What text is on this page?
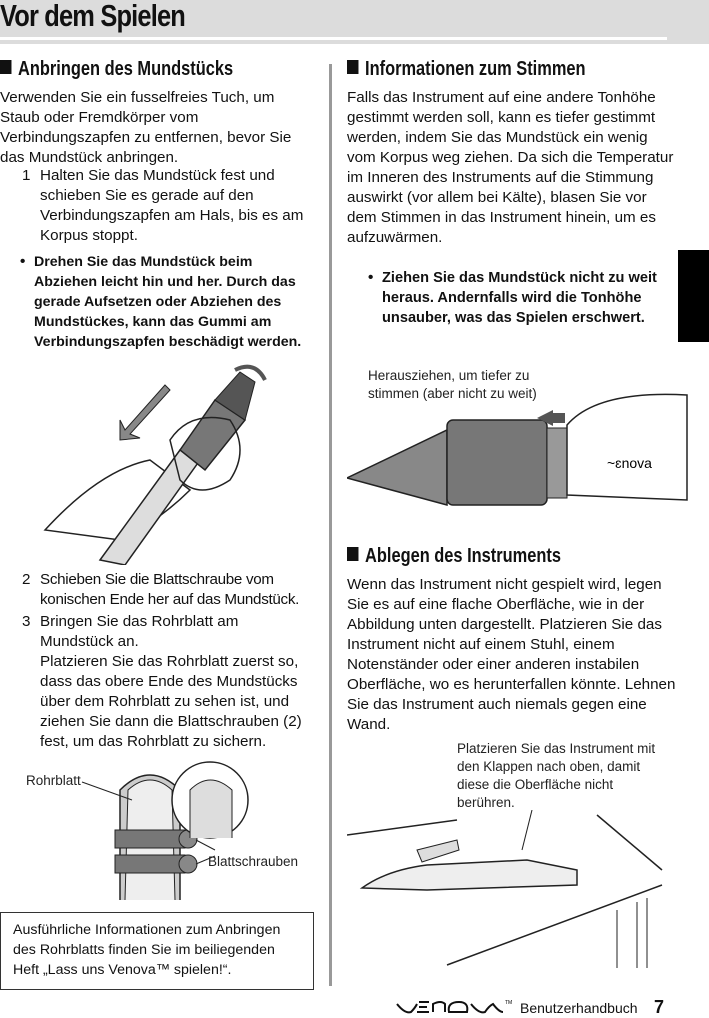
Vor dem Spielen
Anbringen des Mundstücks
Verwenden Sie ein fusselfreies Tuch, um Staub oder Fremdkörper vom Verbindungszapfen zu entfernen, bevor Sie das Mundstück anbringen.
1 Halten Sie das Mundstück fest und schieben Sie es gerade auf den Verbindungszapfen am Hals, bis es am Korpus stoppt.
• Drehen Sie das Mundstück beim Abziehen leicht hin und her. Durch das gerade Aufsetzen oder Abziehen des Mundstückes, kann das Gummi am Verbindungszapfen beschädigt werden.
2 Schieben Sie die Blattschraube vom konischen Ende her auf das Mundstück.
3 Bringen Sie das Rohrblatt am Mundstück an.
Platzieren Sie das Rohrblatt zuerst so, dass das obere Ende des Mundstücks über dem Rohrblatt zu sehen ist, und ziehen Sie dann die Blattschrauben (2) fest, um das Rohrblatt zu sichern.
Rohrblatt
Blattschrauben
Ausführliche Informationen zum Anbringen des Rohrblatts finden Sie im beiliegenden Heft „Lass uns Venova™ spielen!“.
Informationen zum Stimmen
Falls das Instrument auf eine andere Tonhöhe gestimmt werden soll, kann es tiefer gestimmt werden, indem Sie das Mundstück ein wenig vom Korpus weg ziehen. Da sich die Temperatur im Inneren des Instruments auf die Stimmung auswirkt (vor allem bei Kälte), blasen Sie vor dem Stimmen in das Instrument hinein, um es aufzuwärmen.
• Ziehen Sie das Mundstück nicht zu weit heraus. Andernfalls wird die Tonhöhe unsauber, was das Spielen erschwert.
Herausziehen, um tiefer zu stimmen (aber nicht zu weit)
~ɛnova
Ablegen des Instruments
Wenn das Instrument nicht gespielt wird, legen Sie es auf eine flache Oberfläche, wie in der Abbildung unten dargestellt. Platzieren Sie das Instrument nicht auf einem Stuhl, einem Notenständer oder einer anderen instabilen Oberfläche, wo es herunterfallen könnte. Lehnen Sie das Instrument auch niemals gegen eine Wand.
Platzieren Sie das Instrument mit den Klappen nach oben, damit diese die Oberfläche nicht berühren.
Benutzerhandbuch
TM	7
